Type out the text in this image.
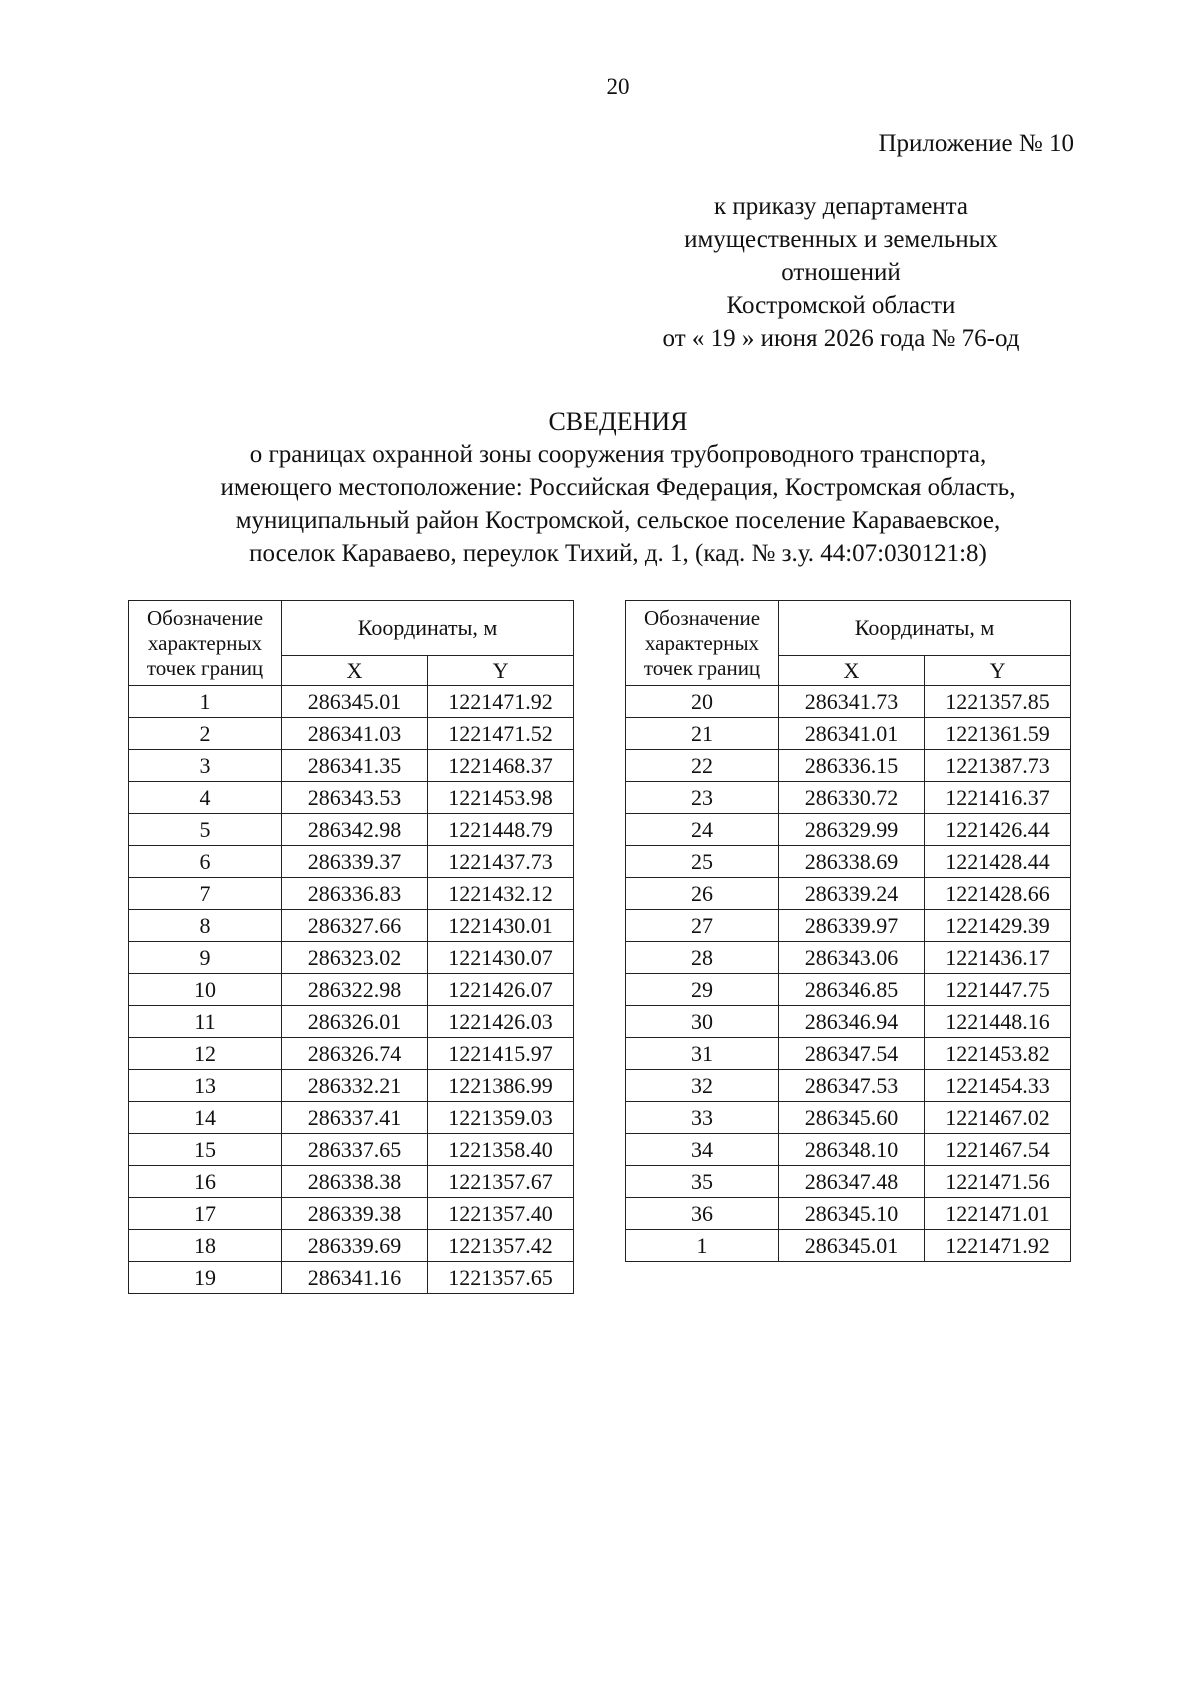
20
Приложение № 10
к приказу департамента
имущественных и земельных
отношений
Костромской области
от « 19 » июня 2026 года № 76-од
СВЕДЕНИЯ
о границах охранной зоны сооружения трубопроводного транспорта,
имеющего местоположение: Российская Федерация, Костромская область,
муниципальный район Костромской, сельское поселение Караваевское,
поселок Караваево, переулок Тихий, д. 1, (кад. № з.у. 44:07:030121:8)
Обозначение
характерных
точек границ	Координаты, м	
	X	Y
1	286345.01	1221471.92
2	286341.03	1221471.52
3	286341.35	1221468.37
4	286343.53	1221453.98
5	286342.98	1221448.79
6	286339.37	1221437.73
7	286336.83	1221432.12
8	286327.66	1221430.01
9	286323.02	1221430.07
10	286322.98	1221426.07
11	286326.01	1221426.03
12	286326.74	1221415.97
13	286332.21	1221386.99
14	286337.41	1221359.03
15	286337.65	1221358.40
16	286338.38	1221357.67
17	286339.38	1221357.40
18	286339.69	1221357.42
19	286341.16	1221357.65
Обозначение
характерных
точек границ	Координаты, м	
	X	Y
20	286341.73	1221357.85
21	286341.01	1221361.59
22	286336.15	1221387.73
23	286330.72	1221416.37
24	286329.99	1221426.44
25	286338.69	1221428.44
26	286339.24	1221428.66
27	286339.97	1221429.39
28	286343.06	1221436.17
29	286346.85	1221447.75
30	286346.94	1221448.16
31	286347.54	1221453.82
32	286347.53	1221454.33
33	286345.60	1221467.02
34	286348.10	1221467.54
35	286347.48	1221471.56
36	286345.10	1221471.01
1	286345.01	1221471.92
